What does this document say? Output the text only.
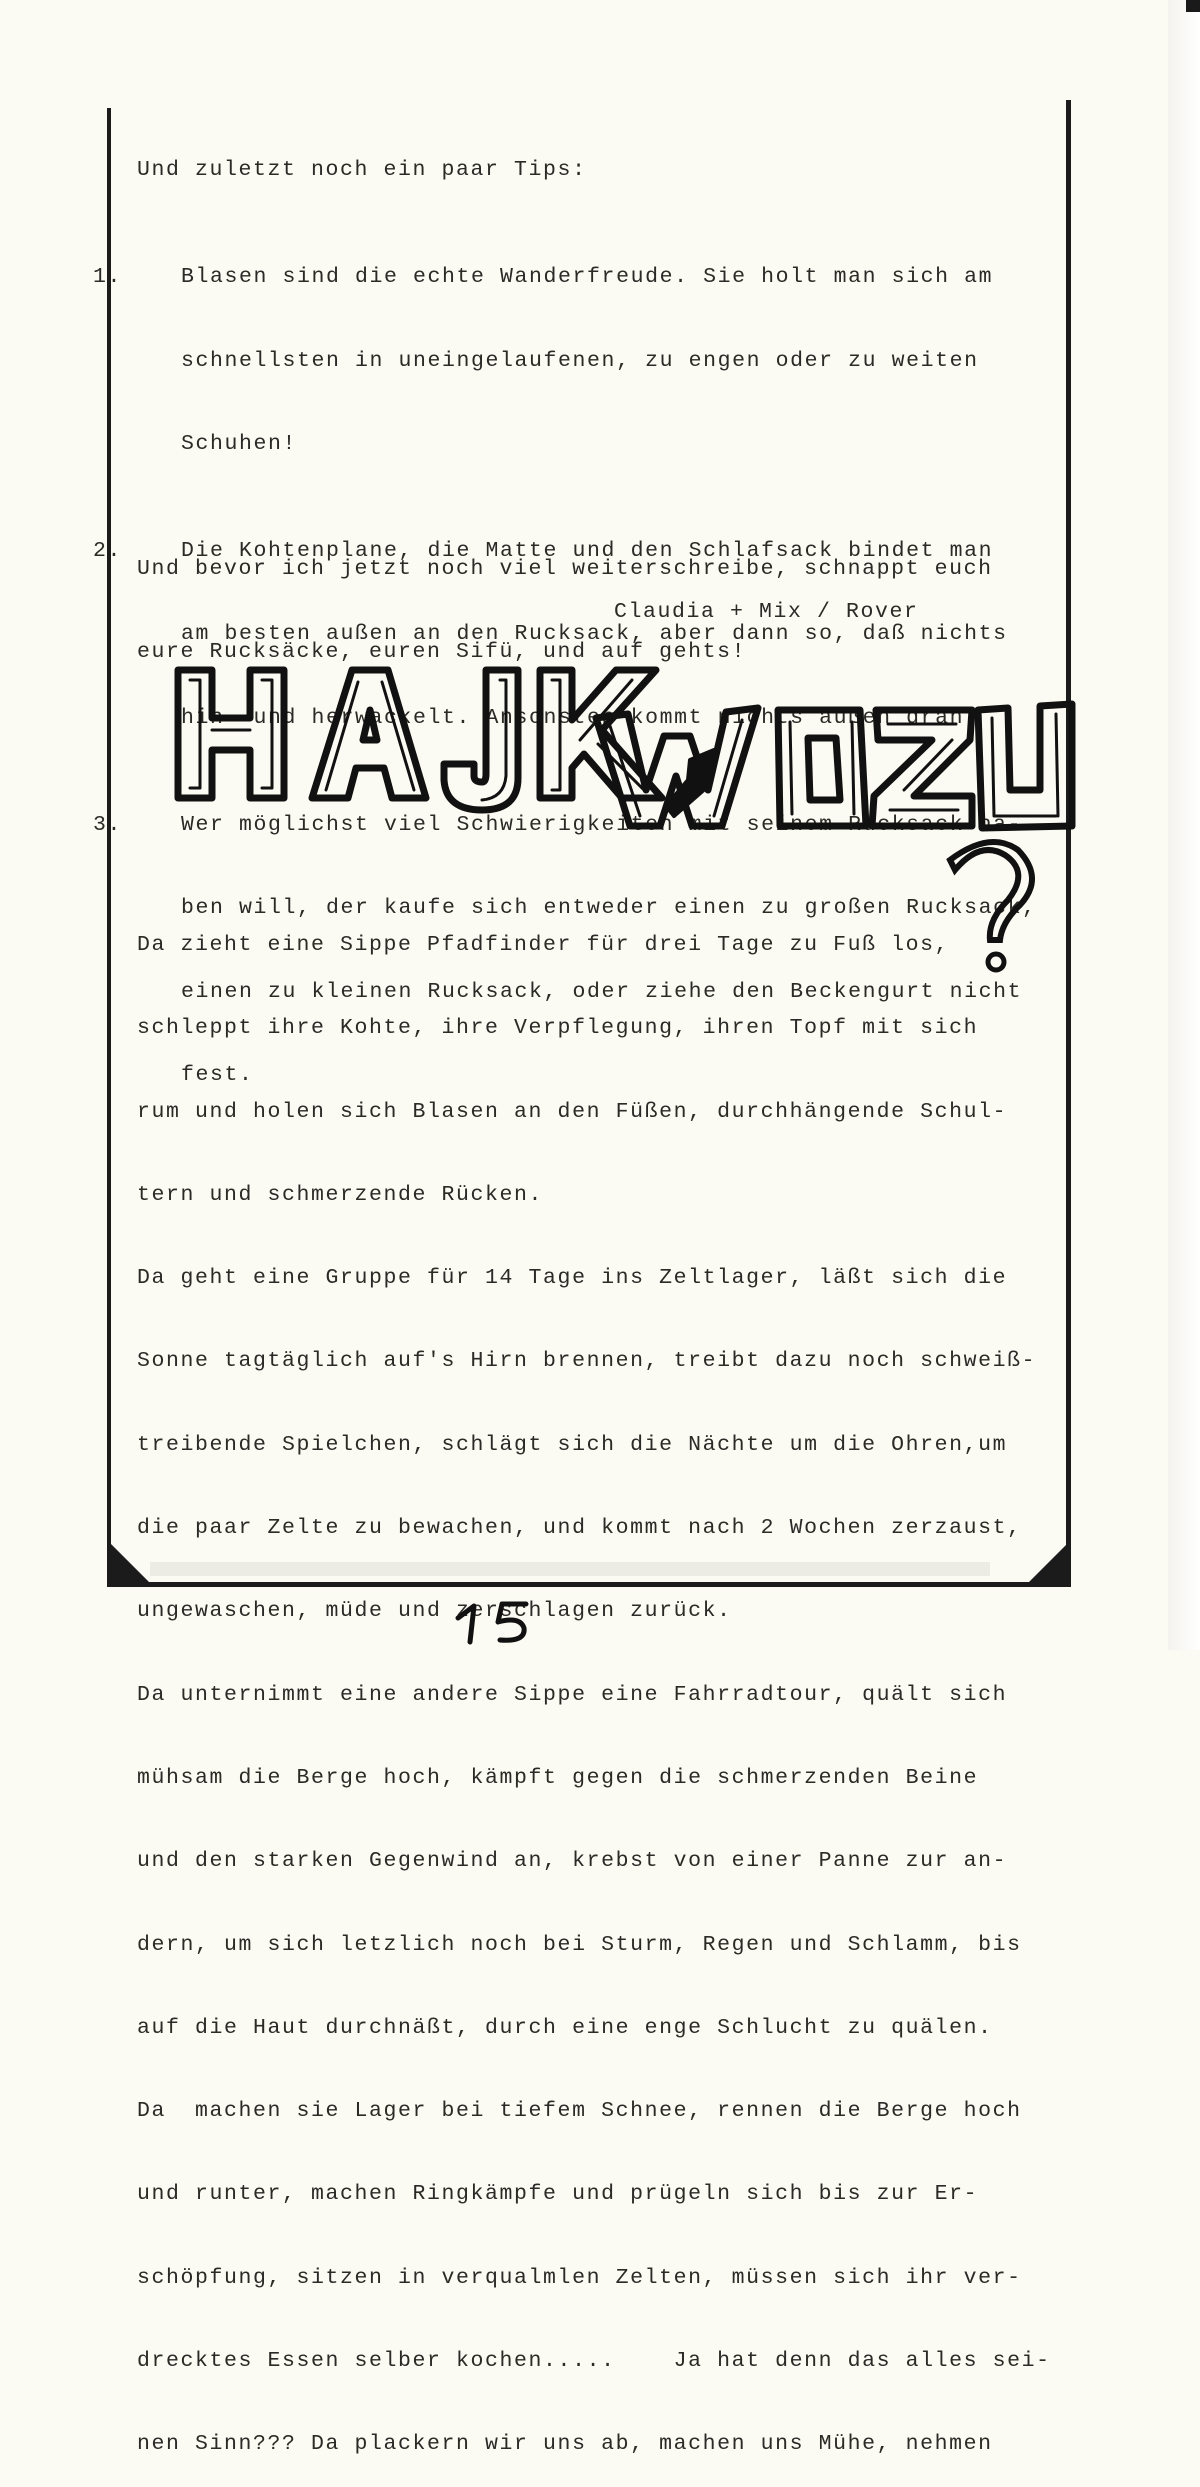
Und zuletzt noch ein paar Tips:

1.	Blasen sind die echte Wanderfreude. Sie holt man sich am

schnellsten in uneingelaufenen, zu engen oder zu weiten

Schuhen!

2.	Die Kohtenplane, die Matte und den Schlafsack bindet man

am besten außen an den Rucksack, aber dann so, daß nichts

hin- und herwackelt. Ansonsten kommt nichts außen dran.

3.	Wer möglichst viel Schwierigkeiten mit seinem Rucksack ha-

ben will, der kaufe sich entweder einen zu großen Rucksack,

einen zu kleinen Rucksack, oder ziehe den Beckengurt nicht

fest.

Und bevor ich jetzt noch viel weiterschreibe, schnappt euch

eure Rucksäcke, euren Sifü, und auf gehts!

Claudia + Mix / Rover

Da zieht eine Sippe Pfadfinder für drei Tage zu Fuß los,

schleppt ihre Kohte, ihre Verpflegung, ihren Topf mit sich

rum und holen sich Blasen an den Füßen, durchhängende Schul-

tern und schmerzende Rücken.

Da geht eine Gruppe für 14 Tage ins Zeltlager, läßt sich die

Sonne tagtäglich auf's Hirn brennen, treibt dazu noch schweiß-

treibende Spielchen, schlägt sich die Nächte um die Ohren,um

die paar Zelte zu bewachen, und kommt nach 2 Wochen zerzaust,

ungewaschen, müde und zerschlagen zurück.

Da unternimmt eine andere Sippe eine Fahrradtour, quält sich

mühsam die Berge hoch, kämpft gegen die schmerzenden Beine

und den starken Gegenwind an, krebst von einer Panne zur an-

dern, um sich letzlich noch bei Sturm, Regen und Schlamm, bis

auf die Haut durchnäßt, durch eine enge Schlucht zu quälen.

Da  machen sie Lager bei tiefem Schnee, rennen die Berge hoch

und runter, machen Ringkämpfe und prügeln sich bis zur Er-

schöpfung, sitzen in verqualmlen Zelten, müssen sich ihr ver-

drecktes Essen selber kochen.....    Ja hat denn das alles sei-

nen Sinn??? Da plackern wir uns ab, machen uns Mühe, nehmen
